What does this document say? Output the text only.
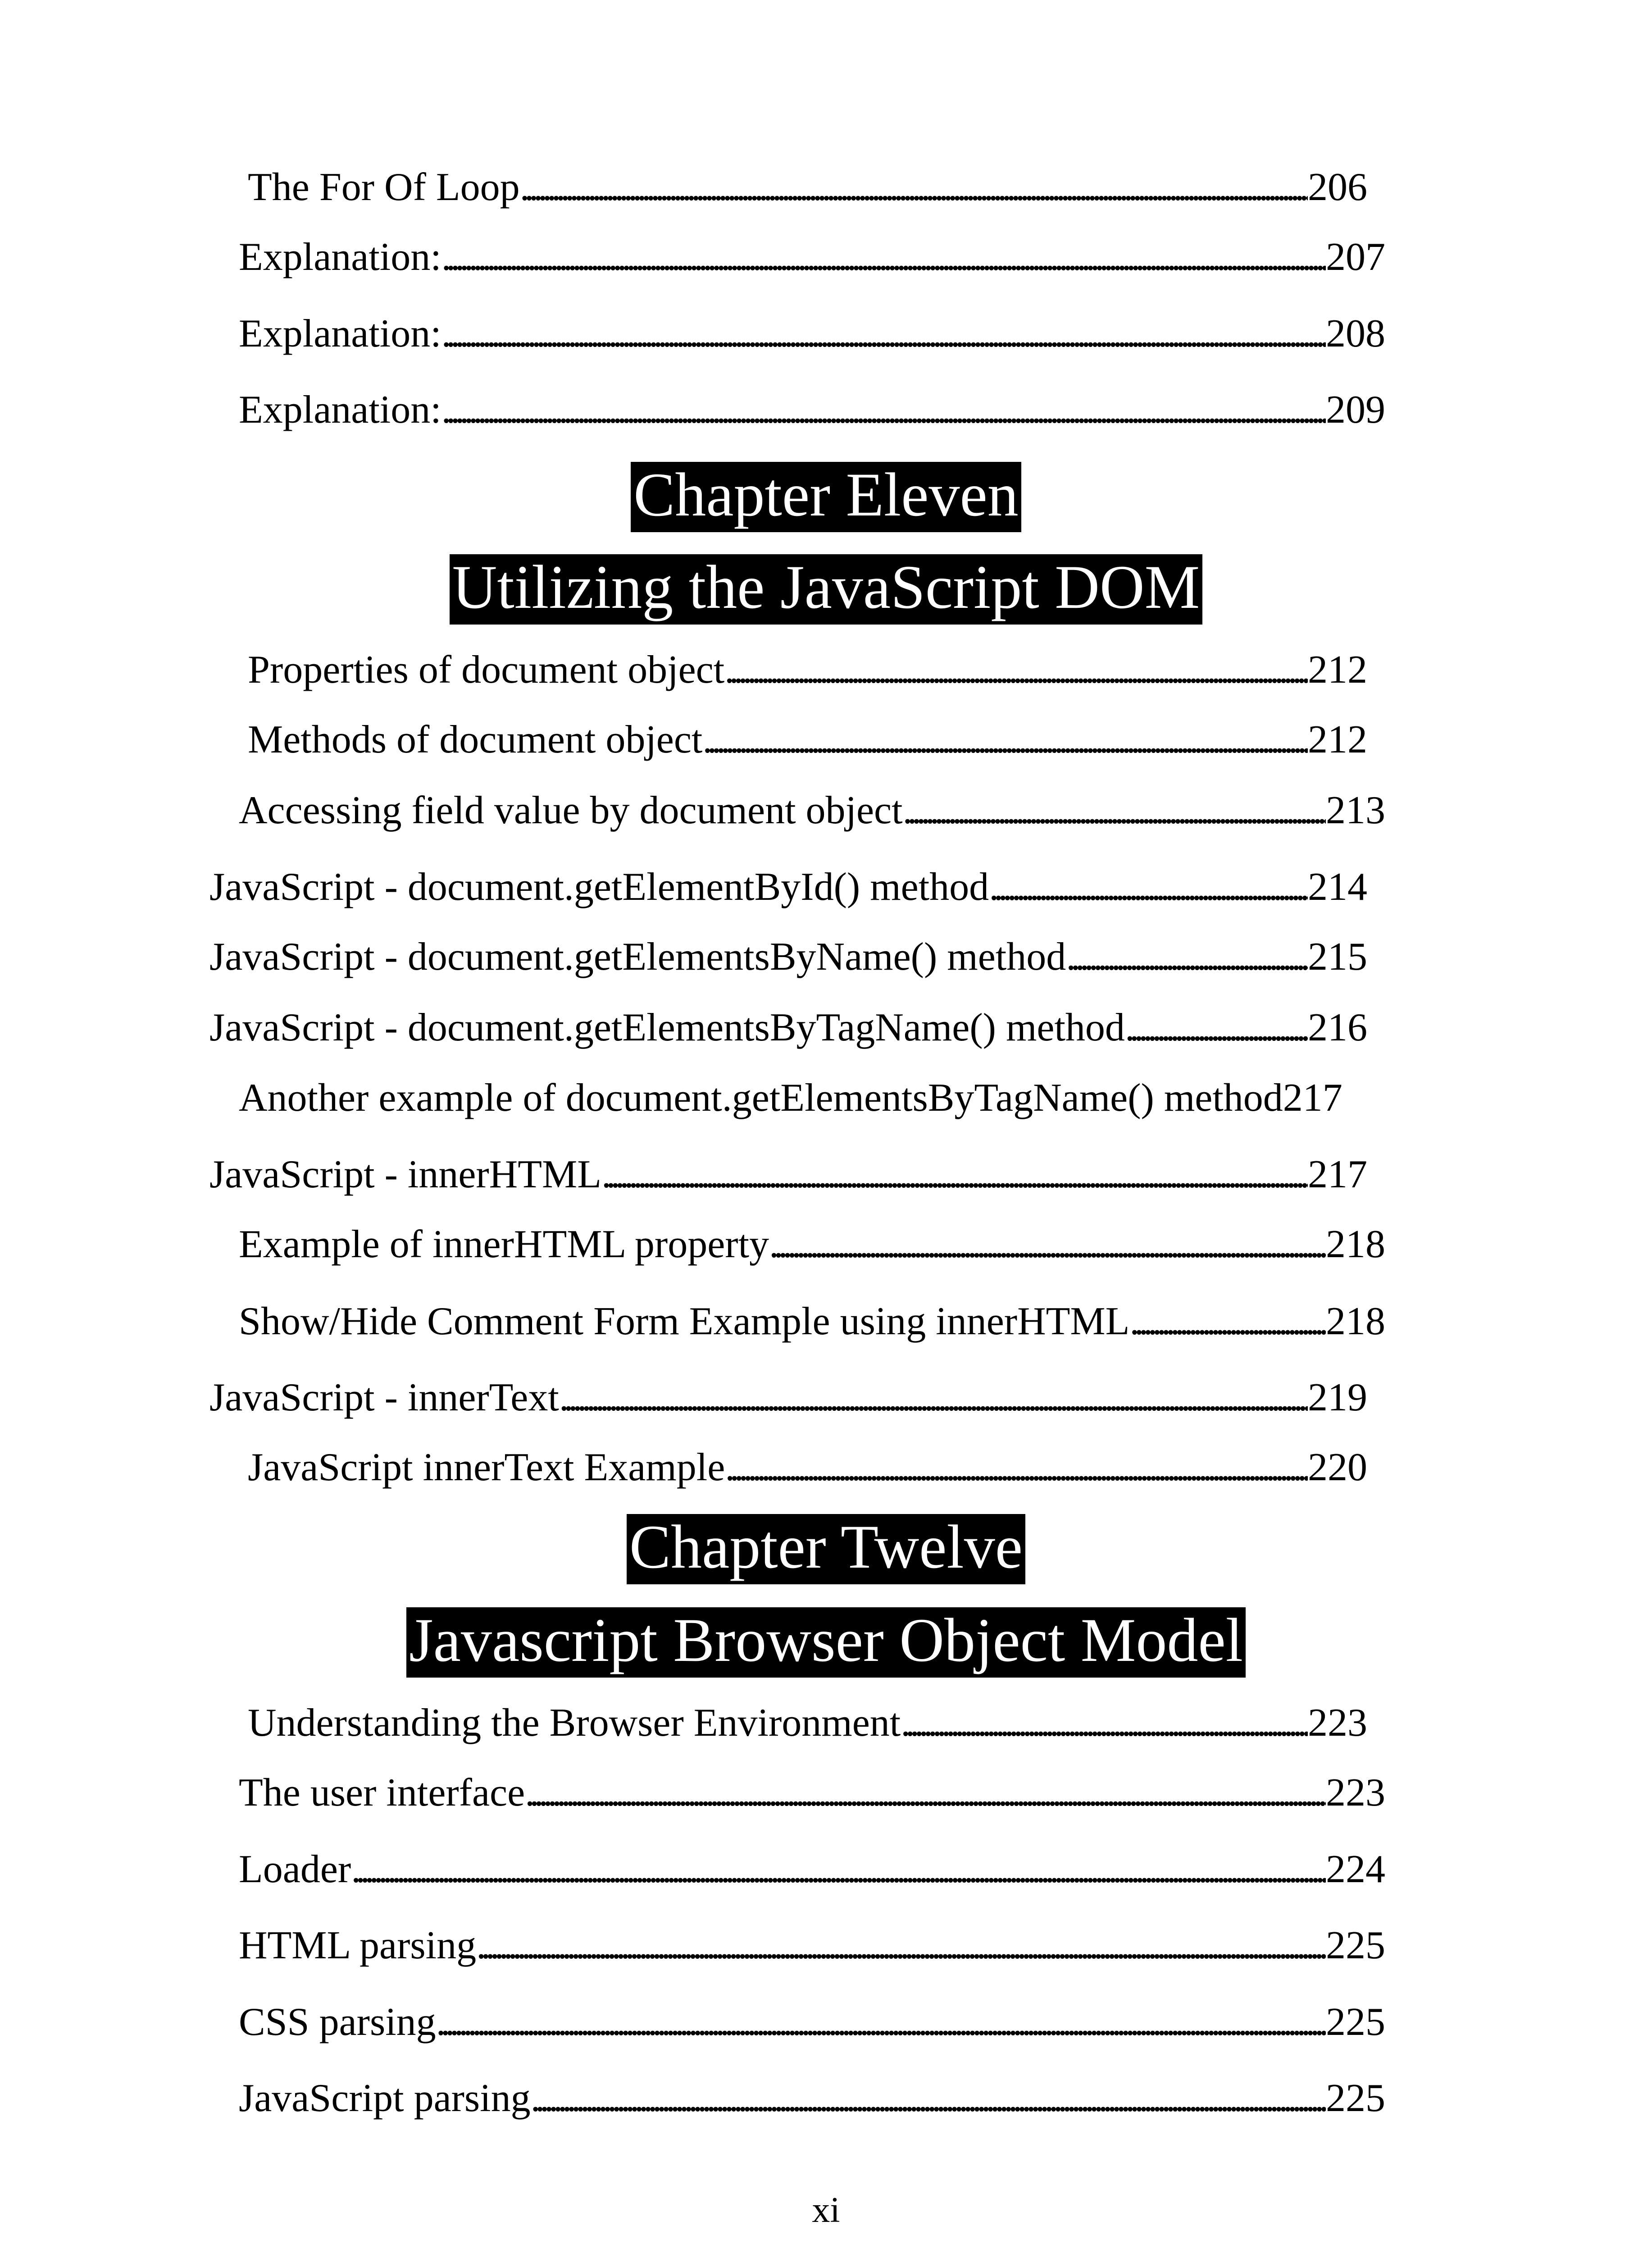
The For Of Loop . . .	206
Explanation: . . .	207
Explanation: . . .	208
Explanation: . . .	209
Chapter Eleven
Utilizing the JavaScript DOM
Properties of document object . . .	212
Methods of document object . . .	212
Accessing field value by document object . . .	213
JavaScript - document.getElementById() method . . .	214
JavaScript - document.getElementsByName() method . . .	215
JavaScript - document.getElementsByTagName() method . . .	216
Another example of document.getElementsByTagName() method 217
JavaScript - innerHTML . . .	217
Example of innerHTML property . . .	218
Show/Hide Comment Form Example using innerHTML . . .	218
JavaScript - innerText . . .	219
JavaScript innerText Example . . .	220
Chapter Twelve
Javascript Browser Object Model
Understanding the Browser Environment . . .	223
The user interface . . .	223
Loader . . .	224
HTML parsing . . .	225
CSS parsing . . .	225
JavaScript parsing . . .	225
xi
